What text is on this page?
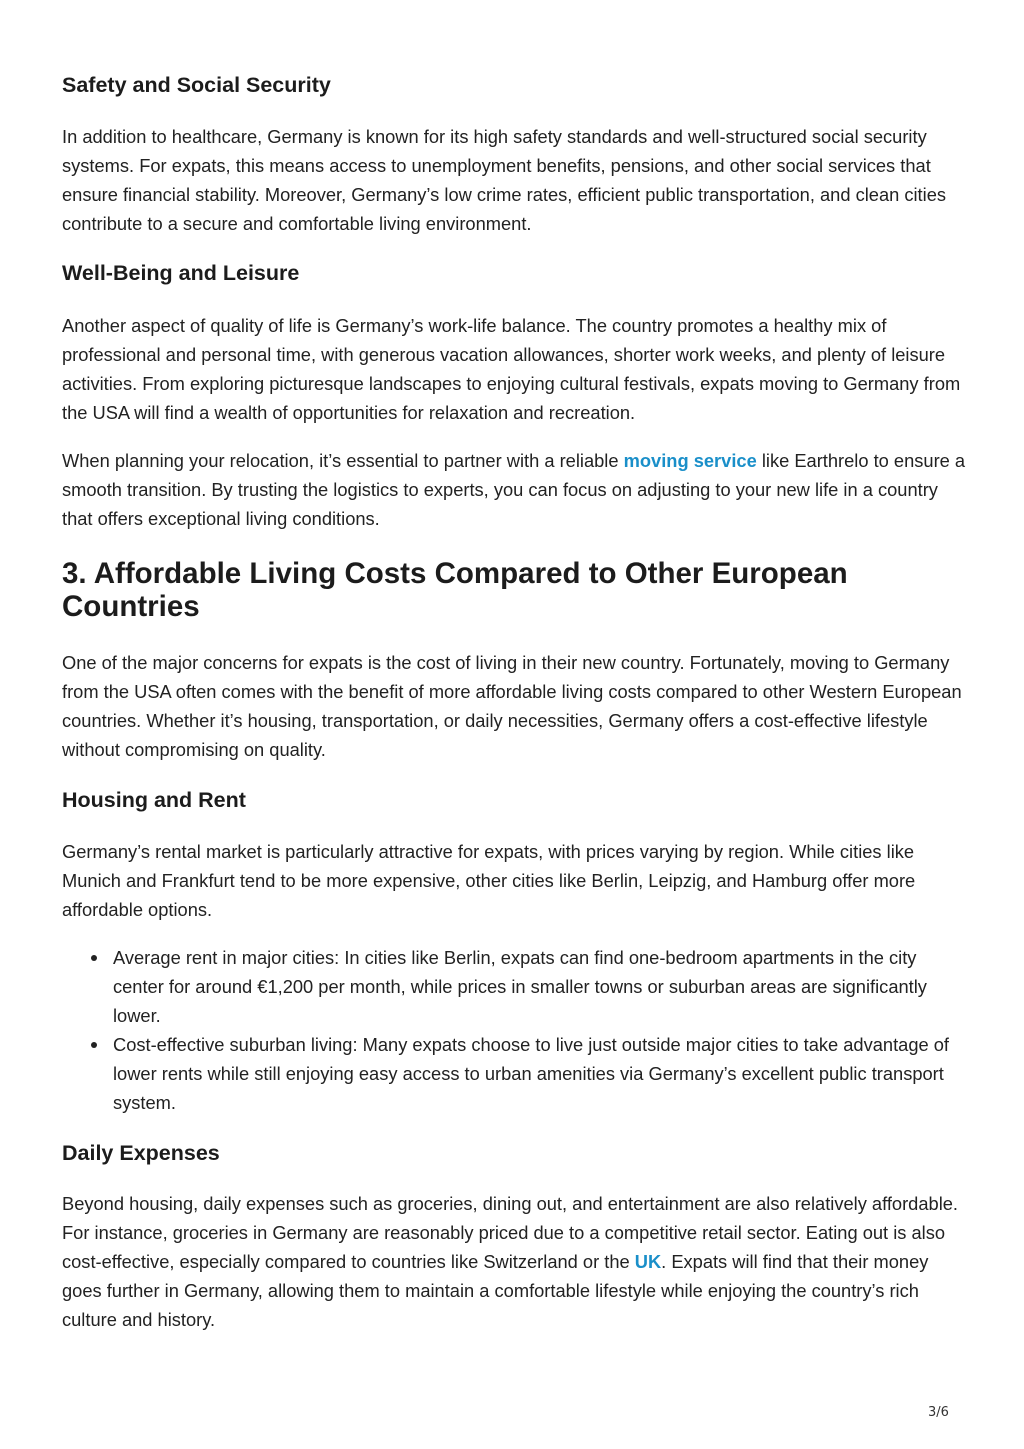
Safety and Social Security

In addition to healthcare, Germany is known for its high safety standards and well-structured social security systems. For expats, this means access to unemployment benefits, pensions, and other social services that ensure financial stability. Moreover, Germany’s low crime rates, efficient public transportation, and clean cities contribute to a secure and comfortable living environment.

Well-Being and Leisure

Another aspect of quality of life is Germany’s work-life balance. The country promotes a healthy mix of professional and personal time, with generous vacation allowances, shorter work weeks, and plenty of leisure activities. From exploring picturesque landscapes to enjoying cultural festivals, expats moving to Germany from the USA will find a wealth of opportunities for relaxation and recreation.

When planning your relocation, it’s essential to partner with a reliable moving service like Earthrelo to ensure a smooth transition. By trusting the logistics to experts, you can focus on adjusting to your new life in a country that offers exceptional living conditions.

3. Affordable Living Costs Compared to Other European Countries

One of the major concerns for expats is the cost of living in their new country. Fortunately, moving to Germany from the USA often comes with the benefit of more affordable living costs compared to other Western European countries. Whether it’s housing, transportation, or daily necessities, Germany offers a cost-effective lifestyle without compromising on quality.

Housing and Rent

Germany’s rental market is particularly attractive for expats, with prices varying by region. While cities like Munich and Frankfurt tend to be more expensive, other cities like Berlin, Leipzig, and Hamburg offer more affordable options.

Average rent in major cities: In cities like Berlin, expats can find one-bedroom apartments in the city center for around €1,200 per month, while prices in smaller towns or suburban areas are significantly lower.
Cost-effective suburban living: Many expats choose to live just outside major cities to take advantage of lower rents while still enjoying easy access to urban amenities via Germany’s excellent public transport system.
Daily Expenses

Beyond housing, daily expenses such as groceries, dining out, and entertainment are also relatively affordable. For instance, groceries in Germany are reasonably priced due to a competitive retail sector. Eating out is also cost-effective, especially compared to countries like Switzerland or the UK. Expats will find that their money goes further in Germany, allowing them to maintain a comfortable lifestyle while enjoying the country’s rich culture and history.

3/6
